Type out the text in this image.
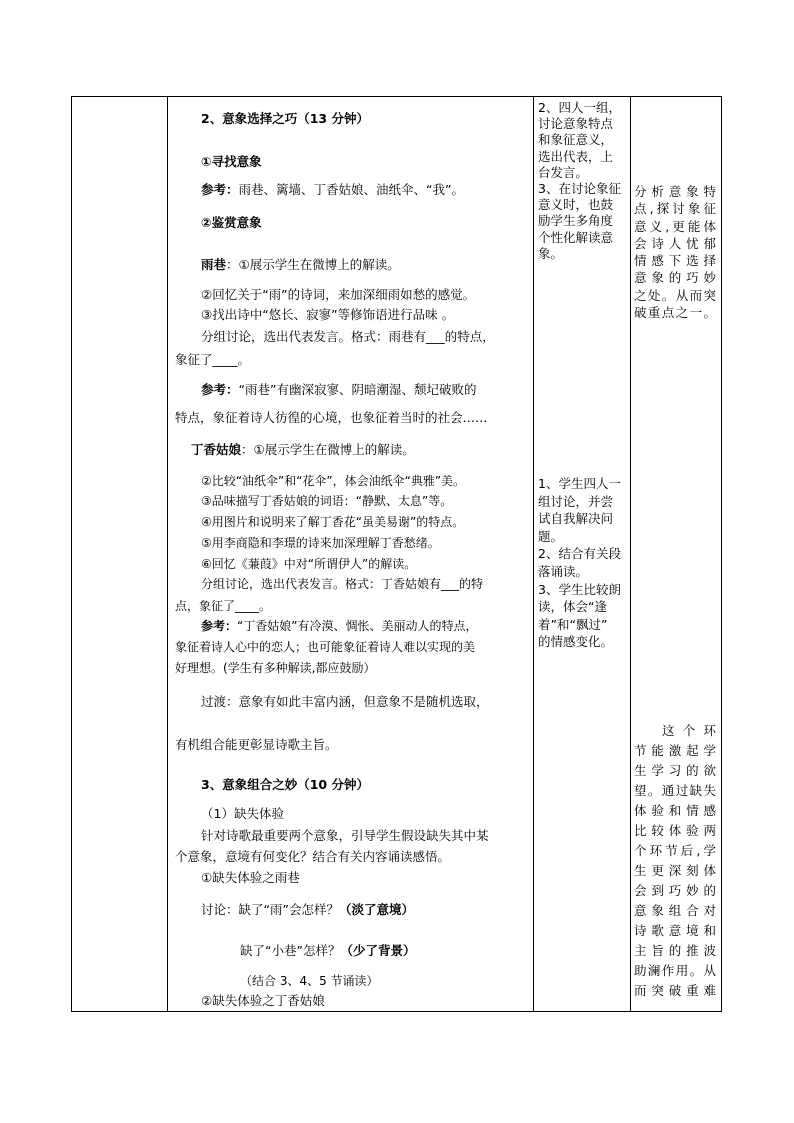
2、意象选择之巧（13 分钟）
①寻找意象
参考：雨巷、篱墙、丁香姑娘、油纸伞、“我”。
②鉴赏意象
雨巷：①展示学生在微博上的解读。
②回忆关于“雨”的诗词，来加深细雨如愁的感觉。
③找出诗中“悠长、寂寥”等修饰语进行品味 。
分组讨论，选出代表发言。格式：雨巷有___的特点，
象征了____。
参考：“雨巷”有幽深寂寥、阴暗潮湿、颓圮破败的
特点，象征着诗人彷徨的心境，也象征着当时的社会……
丁香姑娘：①展示学生在微博上的解读。
②比较“油纸伞”和“花伞”，体会油纸伞“典雅”美。
③品味描写丁香姑娘的词语：“静默、太息”等。
④用图片和说明来了解丁香花“虽美易谢”的特点。
⑤用李商隐和李璟的诗来加深理解丁香愁绪。
⑥回忆《蒹葭》中对“所谓伊人”的解读。
分组讨论，选出代表发言。格式：丁香姑娘有___的特
点，象征了____。
参考：“丁香姑娘”有冷漠、惆怅、美丽动人的特点，
象征着诗人心中的恋人；也可能象征着诗人难以实现的美
好理想。(学生有多种解读,都应鼓励）
过渡：意象有如此丰富内涵，但意象不是随机选取，
有机组合能更彰显诗歌主旨。
3、意象组合之妙（10 分钟）
（1）缺失体验
针对诗歌最重要两个意象，引导学生假设缺失其中某
个意象，意境有何变化？结合有关内容诵读感悟。
①缺失体验之雨巷
讨论：缺了“雨”会怎样？（淡了意境）
缺了“小巷”怎样？（少了背景）
（结合 3、4、5 节诵读）
②缺失体验之丁香姑娘
2、四人一组，
讨论意象特点
和象征意义，
选出代表，上
台发言。
3、在讨论象征
意义时，也鼓
励学生多角度
个性化解读意
象。
1、学生四人一
组讨论，并尝
试自我解决问
题。
2、结合有关段
落诵读。
3、学生比较朗
读，体会“逢
着”和“飘过”
的情感变化。
分析意象特
点,探讨象征
意义,更能体
会诗人忧郁
情感下选择
意象的巧妙
之处。从而突
破重点之一。
这个环
节能激起学
生学习的欲
望。通过缺失
体验和情感
比较体验两
个环节后,学
生更深刻体
会到巧妙的
意象组合对
诗歌意境和
主旨的推波
助澜作用。从
而突破重难
